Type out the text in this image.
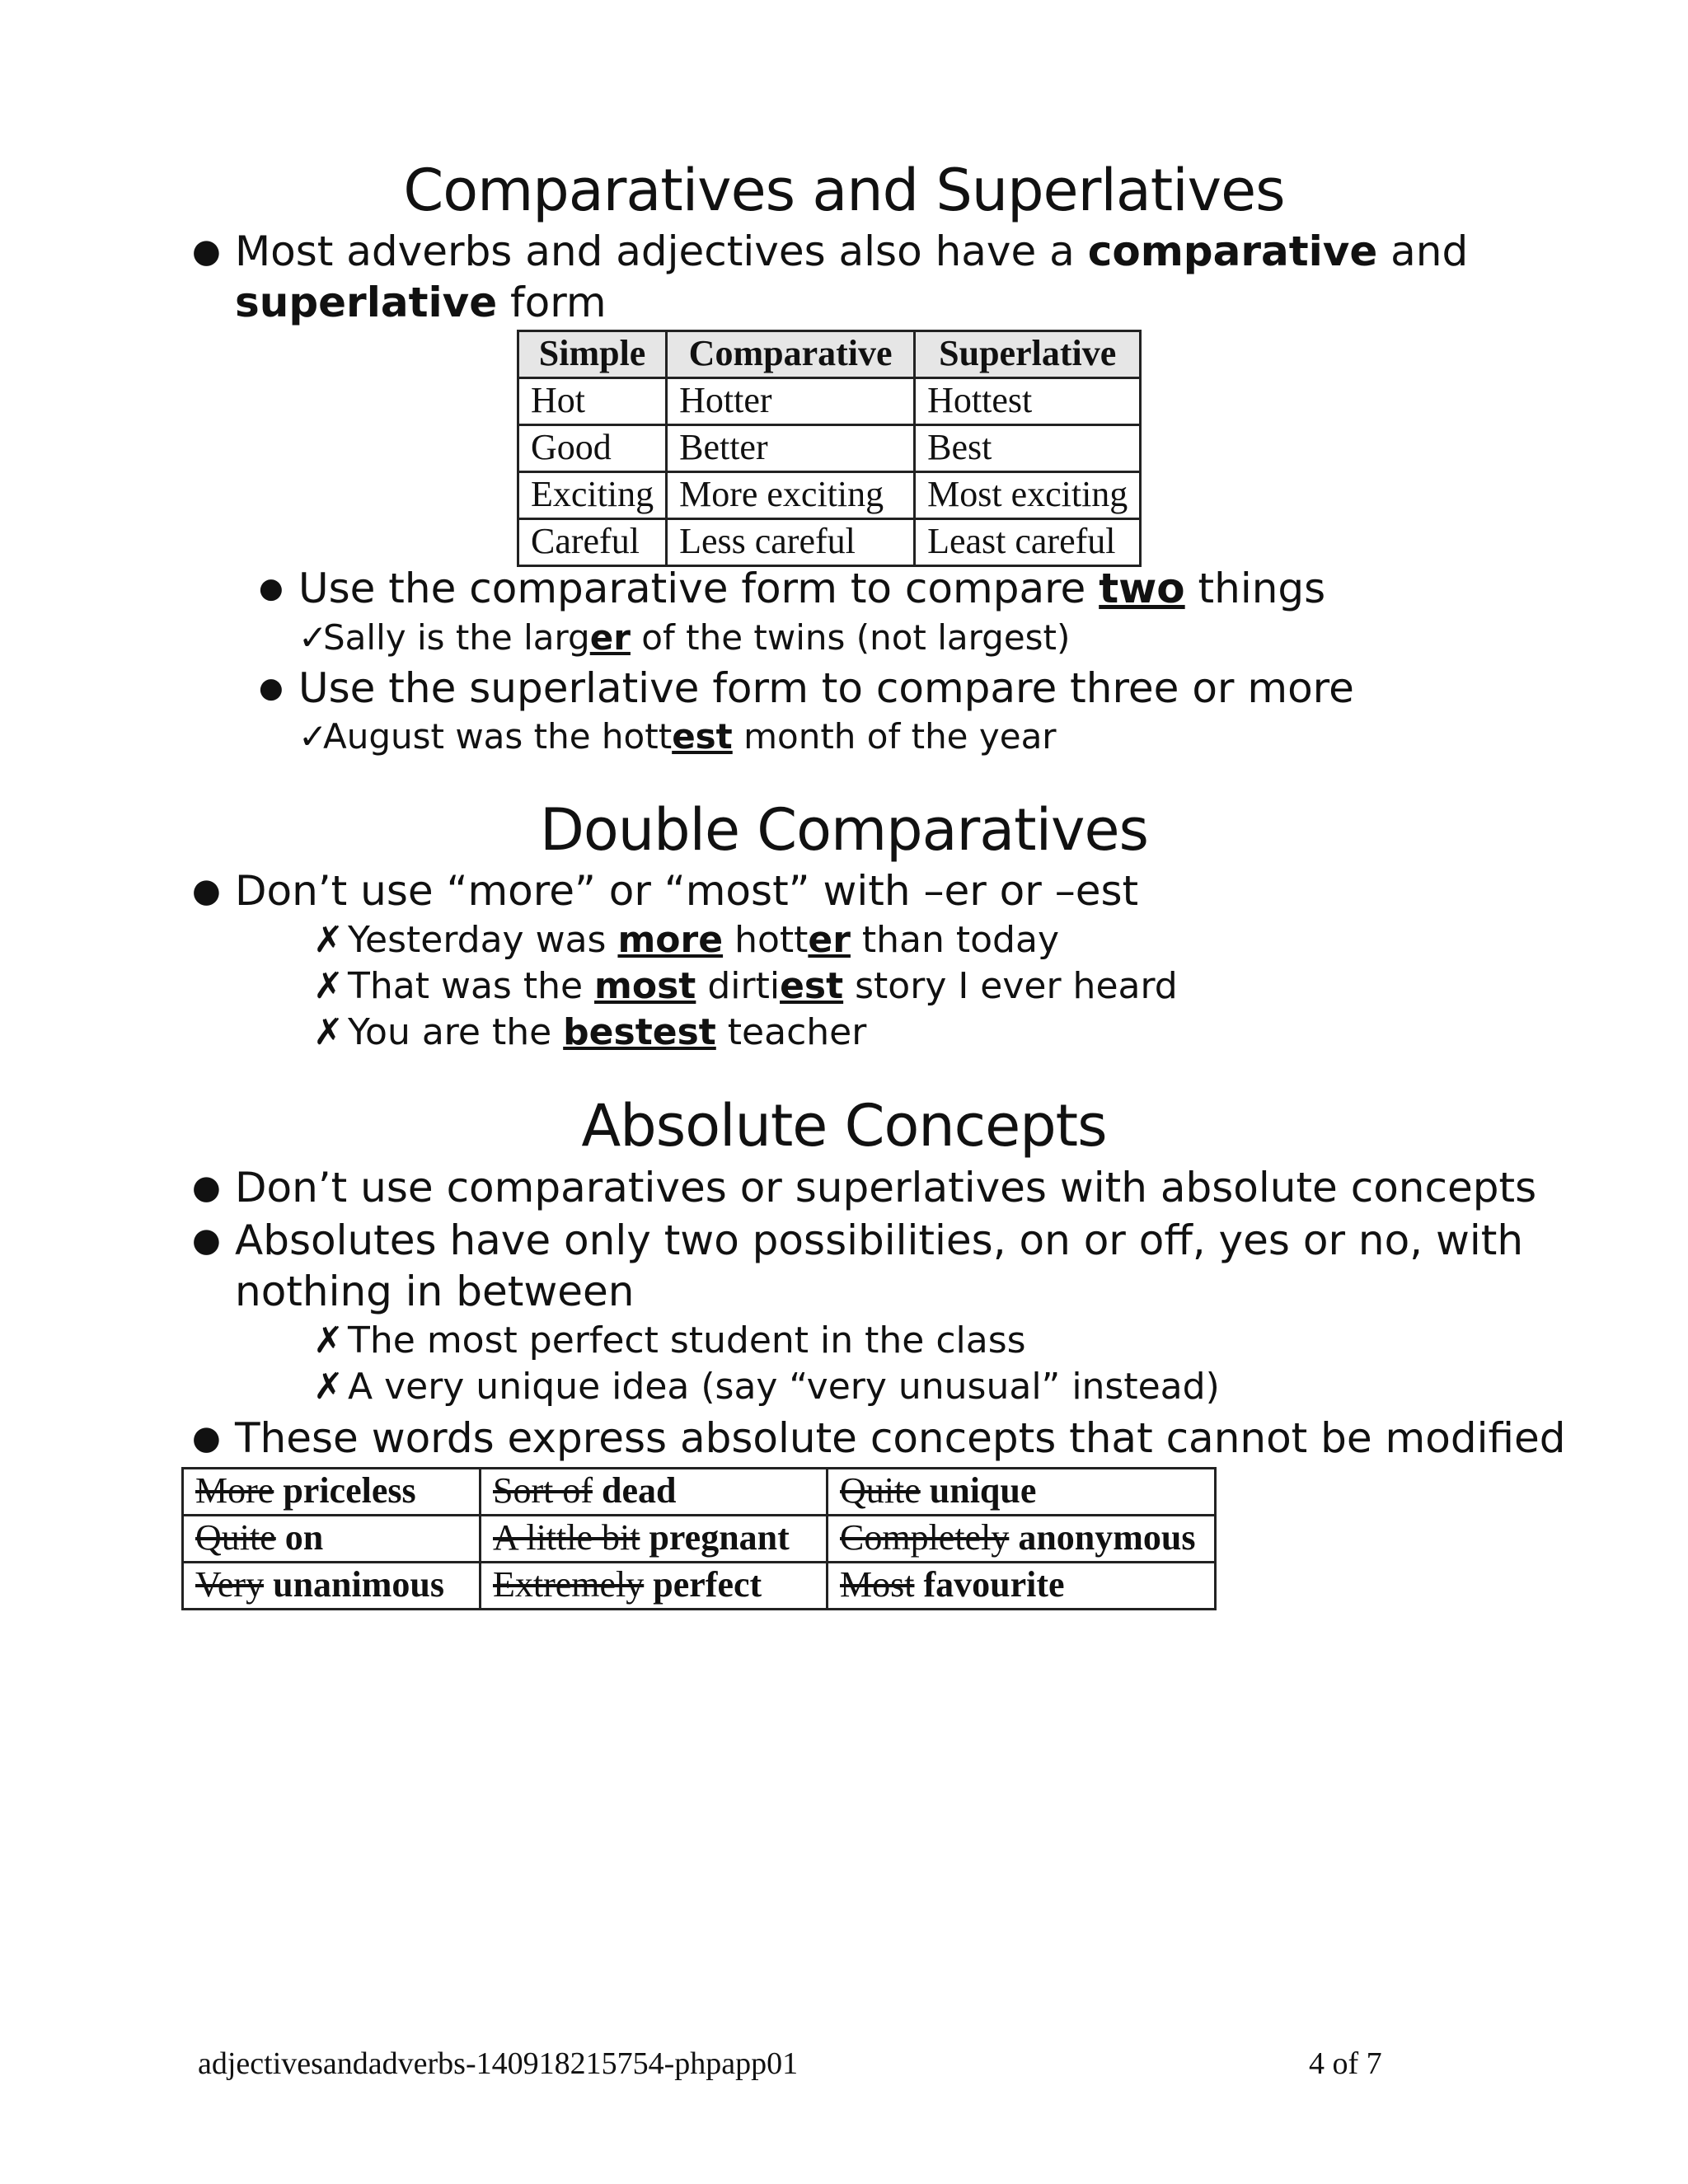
Comparatives and Superlatives
● Most adverbs and adjectives also have a comparative and
superlative form
Simple	Comparative	Superlative
Hot	Hotter	Hottest
Good	Better	Best
Exciting	More exciting	Most exciting
Careful	Less careful	Least careful
● Use the comparative form to compare two things
✓Sally is the larger of the twins (not largest)
● Use the superlative form to compare three or more
✓August was the hottest month of the year
Double Comparatives
● Don’t use “more” or “most” with –er or –est
✗ Yesterday was more hotter than today
✗ That was the most dirtiest story I ever heard
✗ You are the bestest teacher
Absolute Concepts
● Don’t use comparatives or superlatives with absolute concepts
● Absolutes have only two possibilities, on or off, yes or no, with
nothing in between
✗ The most perfect student in the class
✗ A very unique idea (say “very unusual” instead)
● These words express absolute concepts that cannot be modified
More priceless	Sort of dead	Quite unique
Quite on	A little bit pregnant	Completely anonymous
Very unanimous	Extremely perfect	Most favourite
adjectivesandadverbs-140918215754-phpapp01	4 of 7
